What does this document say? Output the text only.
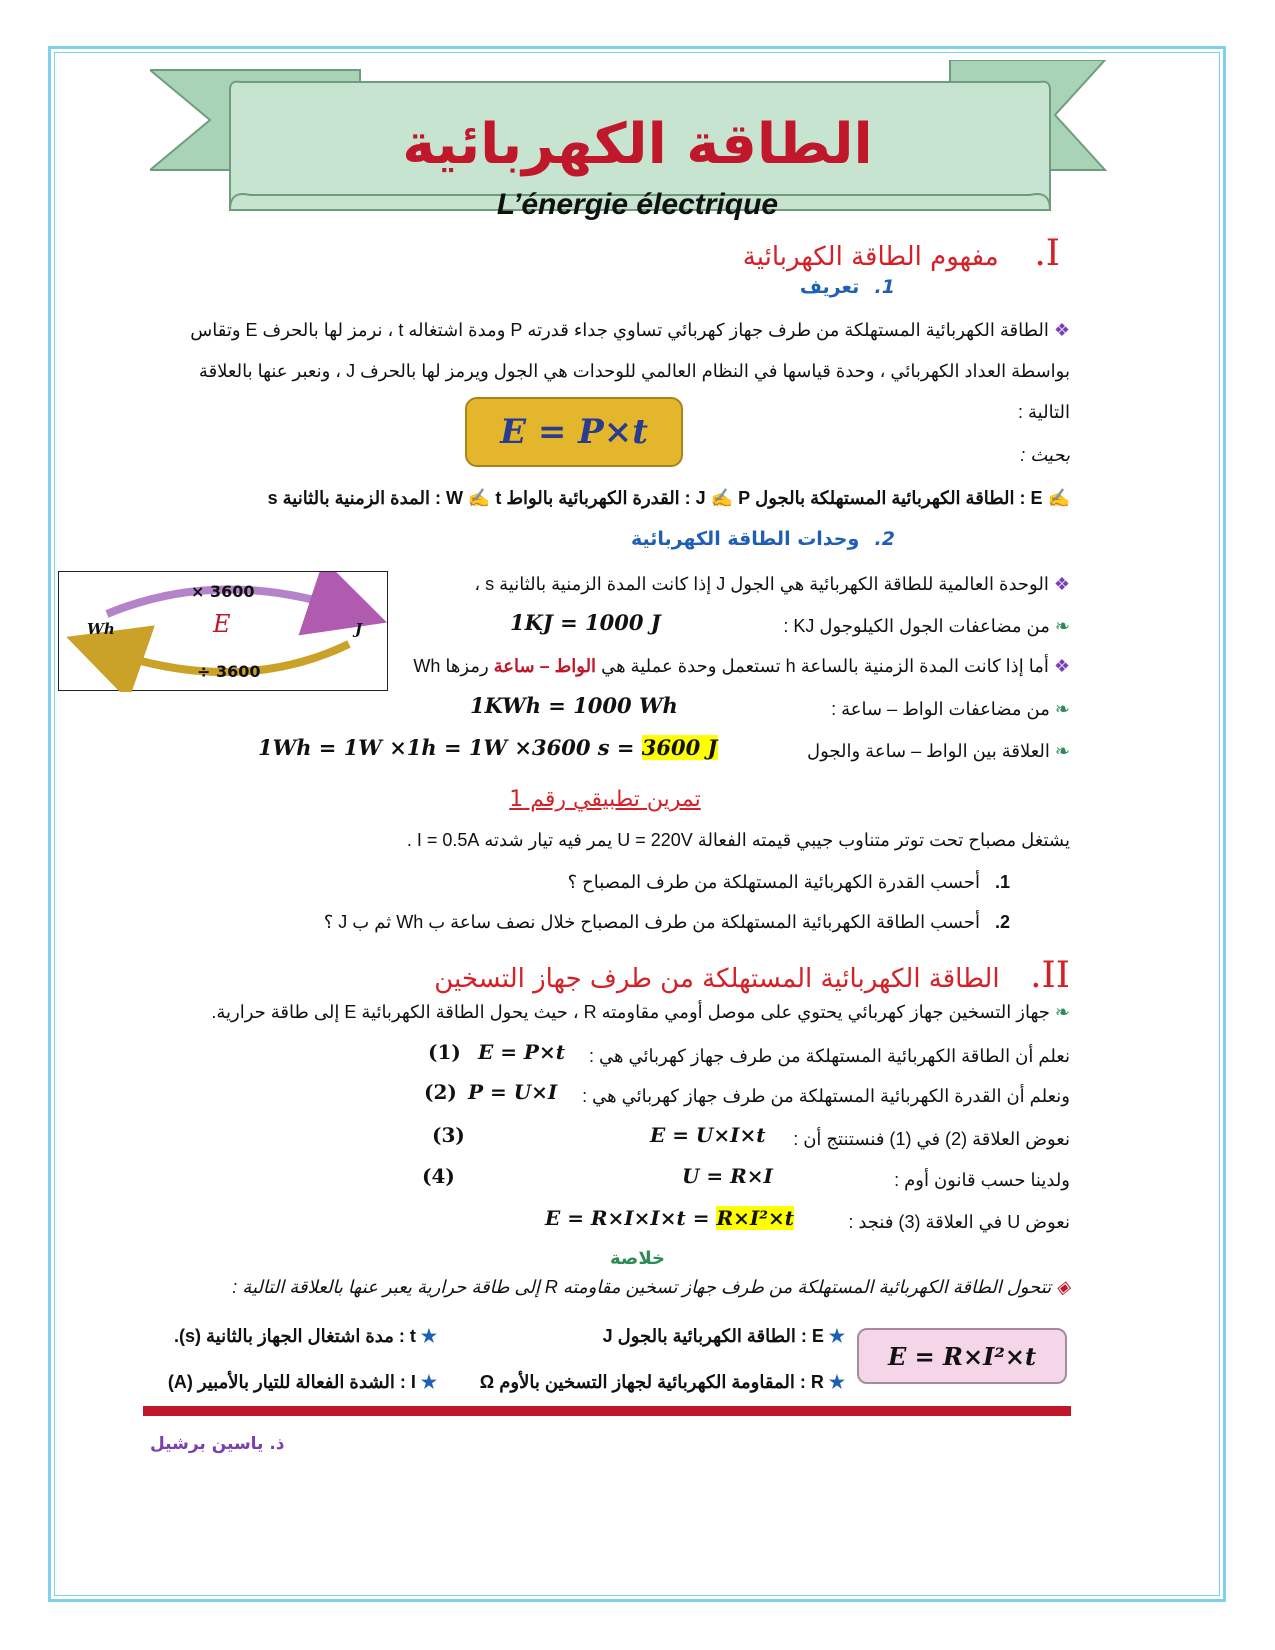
الطاقة الكهربائية
L’énergie électrique
I.       مفهوم الطاقة الكهربائية
1.   تعريف
❖ الطاقة الكهربائية المستهلكة من طرف جهاز كهربائي تساوي جداء قدرته P ومدة اشتغاله t ، نرمز لها بالحرف E وتقاس
بواسطة العداد الكهربائي ، وحدة قياسها في النظام العالمي للوحدات هي الجول ويرمز لها بالحرف J ، ونعبر عنها بالعلاقة
التالية :
E = P×t
بحيث :
✍ E : الطاقة الكهربائية المستهلكة بالجول J ✍ P : القدرة الكهربائية بالواط W ✍ t : المدة الزمنية بالثانية s
2.   وحدات الطاقة الكهربائية
❖ الوحدة العالمية للطاقة الكهربائية هي الجول J إذا كانت المدة الزمنية بالثانية s ،
❧ من مضاعفات الجول الكيلوجول KJ :
1KJ = 1000 J
❖ أما إذا كانت المدة الزمنية بالساعة h تستعمل وحدة عملية هي الواط – ساعة رمزها Wh
❧ من مضاعفات الواط – ساعة :
1KWh = 1000 Wh
❧ العلاقة بين الواط – ساعة والجول
1Wh = 1W ×1h = 1W ×3600 s = 3600 J
× 3600
E
Wh	J
÷ 3600
تمرين تطبيقي رقم 1
يشتغل مصباح تحت توتر متناوب جيبي قيمته الفعالة U = 220V يمر فيه تيار شدته I = 0.5A .
1.   أحسب القدرة الكهربائية المستهلكة من طرف المصباح ؟
2.   أحسب الطاقة الكهربائية المستهلكة من طرف المصباح خلال نصف ساعة ب Wh ثم ب J ؟
II.      الطاقة الكهربائية المستهلكة من طرف جهاز التسخين
❧ جهاز التسخين جهاز كهربائي يحتوي على موصل أومي مقاومته R ، حيث يحول الطاقة الكهربائية E إلى طاقة حرارية.
نعلم أن الطاقة الكهربائية المستهلكة من طرف جهاز كهربائي هي :
E = P×t
(1)
ونعلم أن القدرة الكهربائية المستهلكة من طرف جهاز كهربائي هي :
P = U×I
(2)
نعوض العلاقة (2) في (1) فنستنتج أن :
E = U×I×t
(3)
ولدينا حسب قانون أوم :
U = R×I
(4)
نعوض U في العلاقة (3) فنجد :
E = R×I×I×t = R×I²×t
خلاصة
◈ تتحول الطاقة الكهربائية المستهلكة من طرف جهاز تسخين مقاومته R إلى طاقة حرارية يعبر عنها بالعلاقة التالية :
E = R×I²×t
★ E : الطاقة الكهربائية بالجول J
★ t : مدة اشتغال الجهاز بالثانية (s).
★ R : المقاومة الكهربائية لجهاز التسخين بالأوم Ω
★ I : الشدة الفعالة للتيار بالأمبير (A)
ذ. ياسين برشيل
